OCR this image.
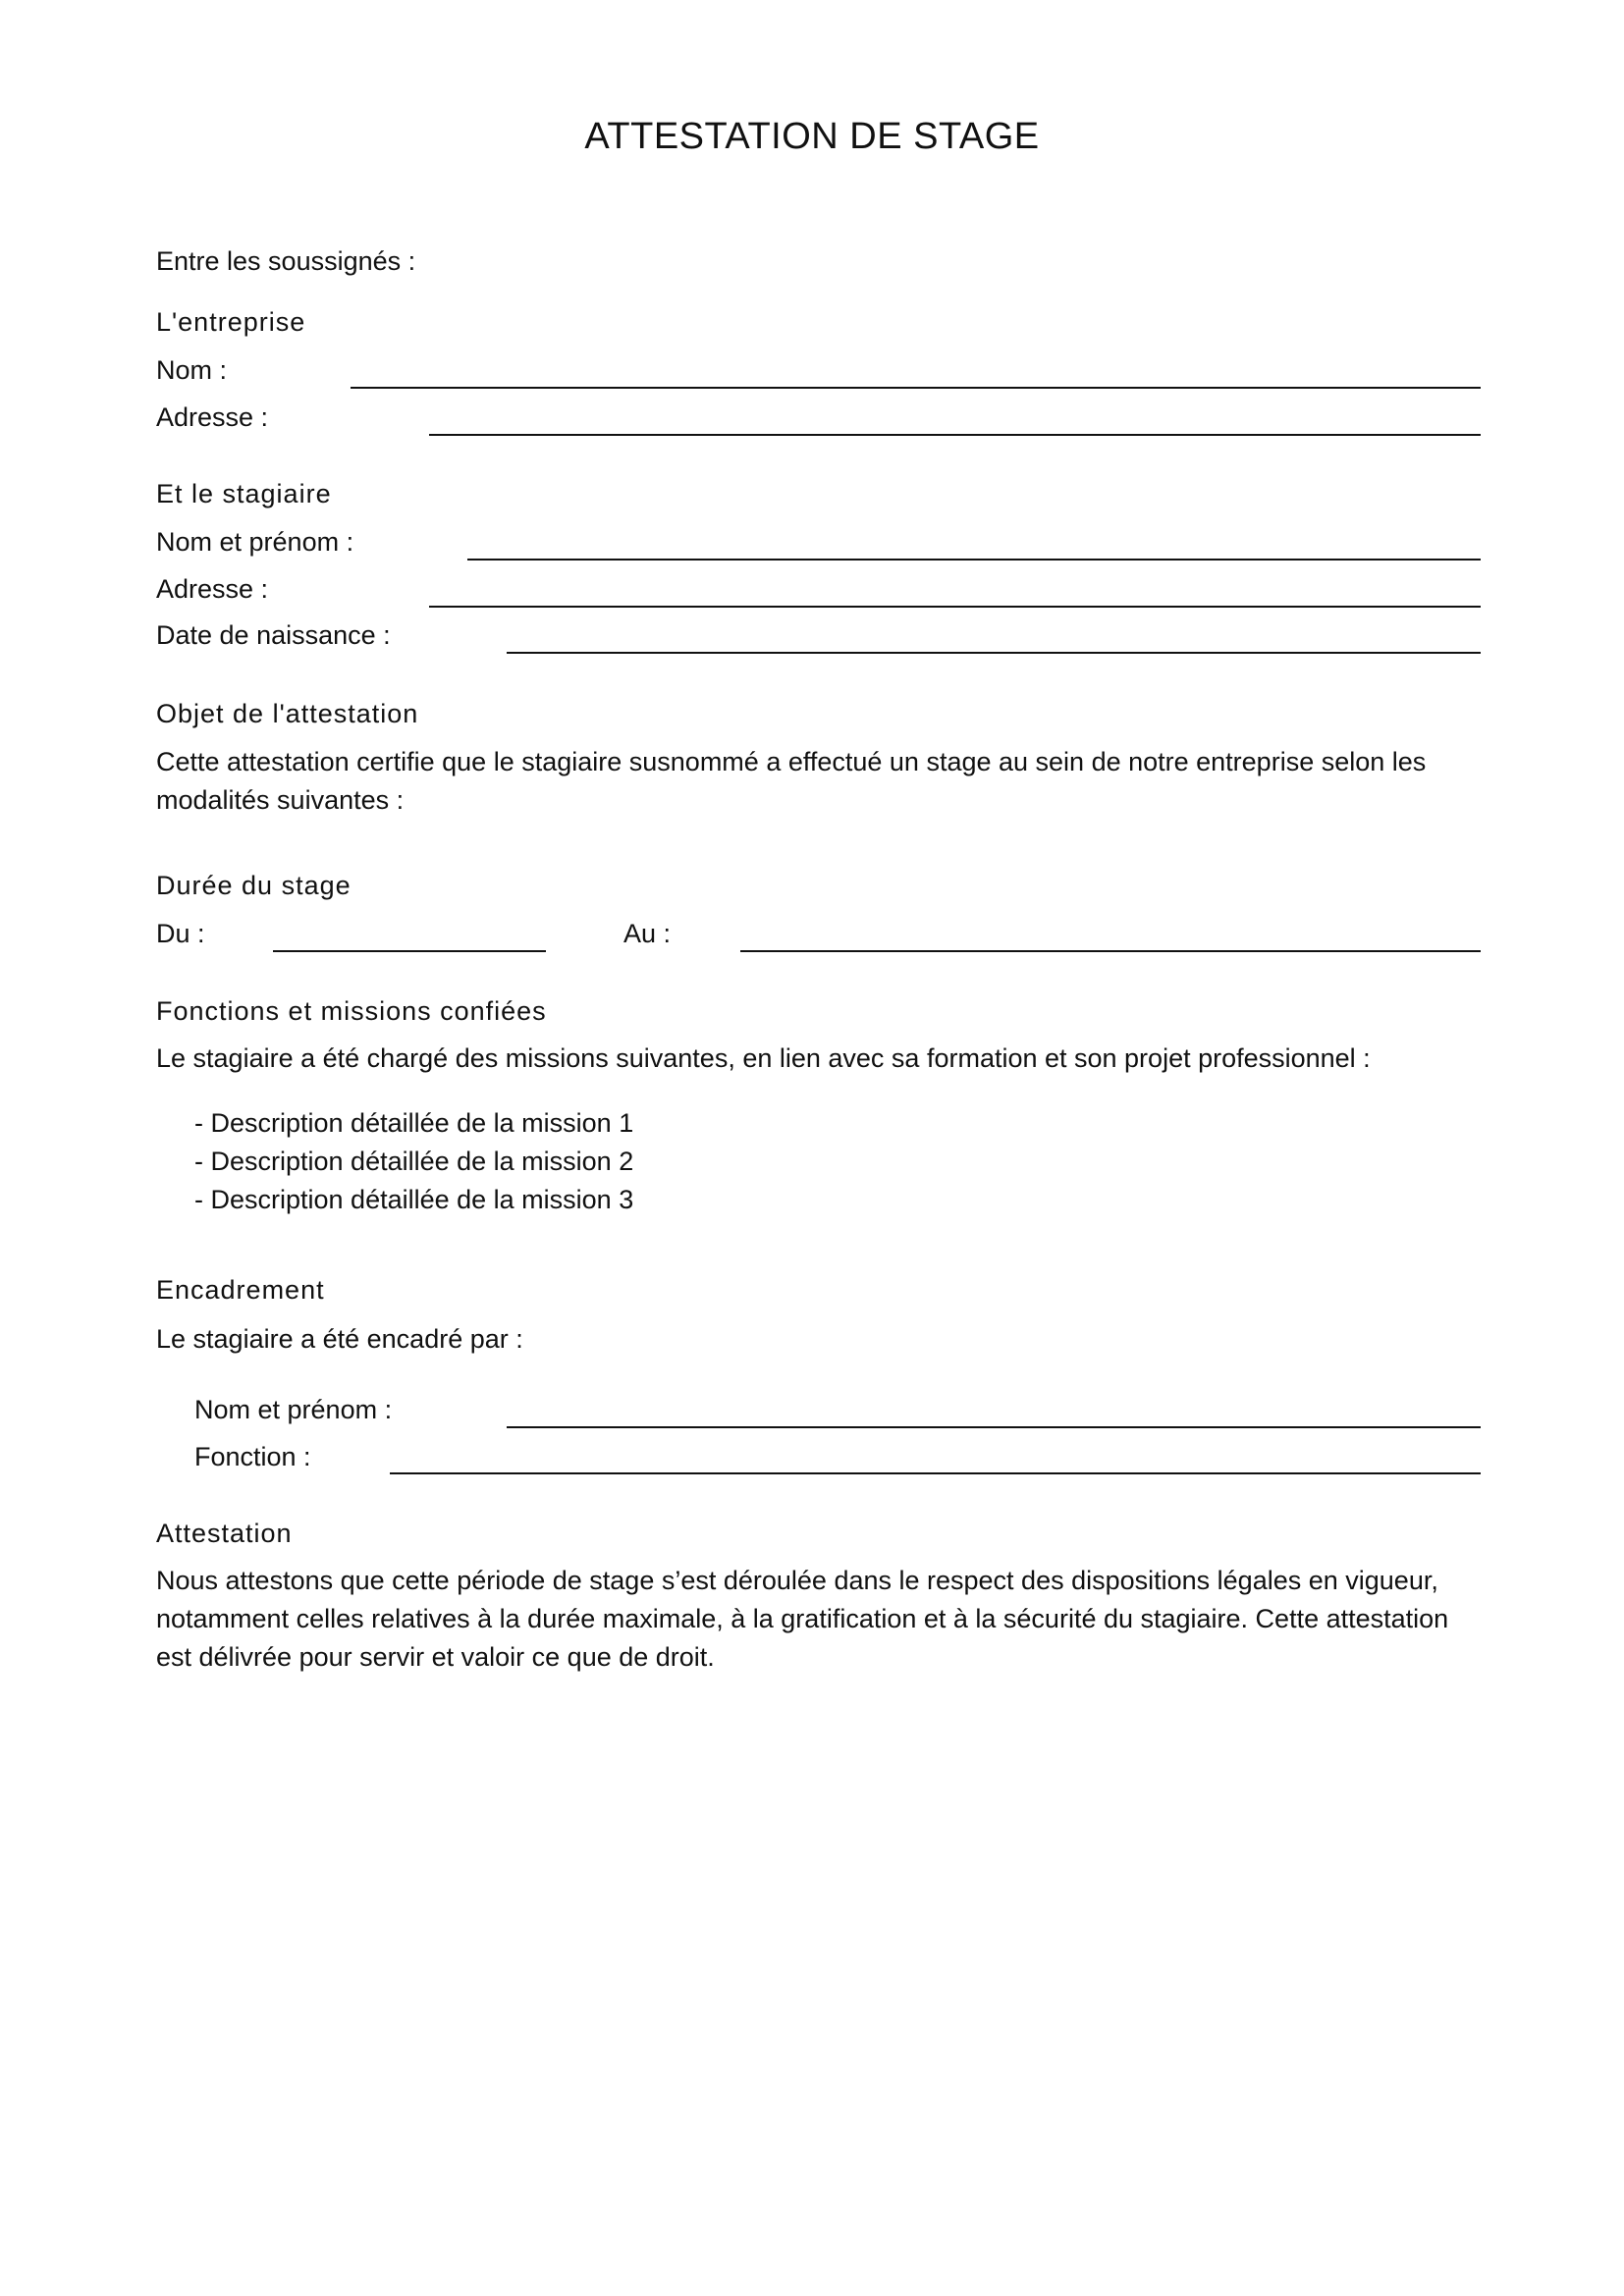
ATTESTATION DE STAGE

Entre les soussignés :

L'entreprise

Nom :

Adresse :

Et le stagiaire

Nom et prénom :

Adresse :

Date de naissance :

Objet de l'attestation

Cette attestation certifie que le stagiaire susnommé a effectué un stage au sein de notre entreprise selon les modalités suivantes :

Durée du stage

Du :	Au :

Fonctions et missions confiées

Le stagiaire a été chargé des missions suivantes, en lien avec sa formation et son projet professionnel :

- Description détaillée de la mission 1
- Description détaillée de la mission 2
- Description détaillée de la mission 3

Encadrement

Le stagiaire a été encadré par :

Nom et prénom :

Fonction :

Attestation

Nous attestons que cette période de stage s’est déroulée dans le respect des dispositions légales en vigueur, notamment celles relatives à la durée maximale, à la gratification et à la sécurité du stagiaire. Cette attestation est délivrée pour servir et valoir ce que de droit.
